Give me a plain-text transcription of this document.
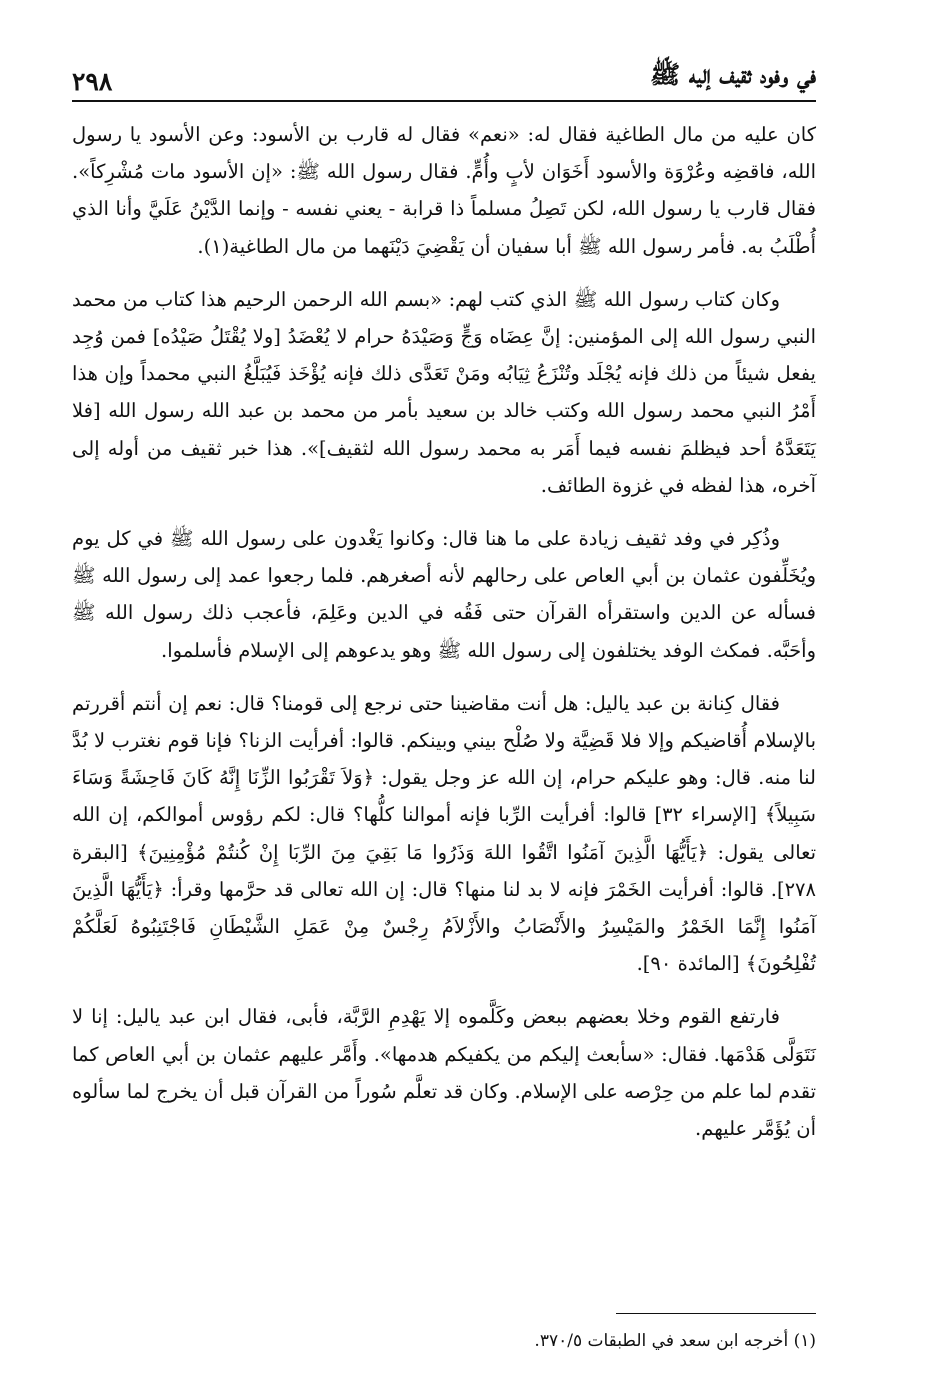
في وفود ثقيف إليه ﷺ
٢٩٨

كان عليه من مال الطاغية فقال له: «نعم» فقال له قارب بن الأسود: وعن الأسود يا رسول الله، فاقضِه وعُرْوَة والأسود أَخَوَان لأبٍ وأُمٍّ. فقال رسول الله ﷺ: «إن الأسود مات مُشْرِكاً». فقال قارب يا رسول الله، لكن تَصِلُ مسلماً ذا قرابة - يعني نفسه - وإنما الدَّيْنُ عَلَيَّ وأنا الذي أُطْلَبُ به. فأمر رسول الله ﷺ أبا سفيان أن يَقْضِيَ دَيْنَهما من مال الطاغية(١).

وكان كتاب رسول الله ﷺ الذي كتب لهم: «بسم الله الرحمن الرحيم هذا كتاب من محمد النبي رسول الله إلى المؤمنين: إنَّ عِضَاه وَجٍّ وَصَيْدَهُ حرام لا يُعْضَدُ [ولا يُقْتَلُ صَيْدُه] فمن وُجِد يفعل شيئاً من ذلك فإنه يُجْلَد وتُنْزَعُ ثِيَابُه ومَنْ تَعَدَّى ذلك فإنه يُؤْخَذ فَيُبَلَّغُ النبي محمداً وإن هذا أَمْرُ النبي محمد رسول الله وكتب خالد بن سعيد بأمر من محمد بن عبد الله رسول الله [فلا يَتَعَدَّهُ أحد فيظلمَ نفسه فيما أَمَر به محمد رسول الله لثقيف]». هذا خبر ثقيف من أوله إلى آخره، هذا لفظه في غزوة الطائف.

وذُكِر في وفد ثقيف زيادة على ما هنا قال: وكانوا يَغْدون على رسول الله ﷺ في كل يوم ويُخَلِّفون عثمان بن أبي العاص على رحالهم لأنه أصغرهم. فلما رجعوا عمد إلى رسول الله ﷺ فسأله عن الدين واستقرأه القرآن حتى فَقُه في الدين وعَلِمَ، فأعجب ذلك رسول الله ﷺ وأحَبَّه. فمكث الوفد يختلفون إلى رسول الله ﷺ وهو يدعوهم إلى الإسلام فأسلموا.

فقال كِنانة بن عبد ياليل: هل أنت مقاضينا حتى نرجع إلى قومنا؟ قال: نعم إن أنتم أقررتم بالإسلام أُقاضيكم وإلا فلا قَضِيَّة ولا صُلْح بيني وبينكم. قالوا: أفرأيت الزنا؟ فإنا قوم نغترب لا بُدَّ لنا منه. قال: وهو عليكم حرام، إن الله عز وجل يقول: ﴿وَلاَ تَقْرَبُوا الزِّنَا إِنَّهُ كَانَ فَاحِشَةً وَسَاءَ سَبِيلاً﴾ [الإسراء ٣٢] قالوا: أفرأيت الرِّبا فإنه أموالنا كلُّها؟ قال: لكم رؤوس أموالكم، إن الله تعالى يقول: ﴿يَأَيُّهَا الَّذِينَ آمَنُوا اتَّقُوا اللهَ وَذَرُوا مَا بَقِيَ مِنَ الرِّبَا إِنْ كُنتُمْ مُؤْمِنِينَ﴾ [البقرة ٢٧٨]. قالوا: أفرأيت الخَمْرَ فإنه لا بد لنا منها؟ قال: إن الله تعالى قد حرَّمها وقرأ: ﴿يَأَيُّهَا الَّذِينَ آمَنُوا إِنَّمَا الخَمْرُ والمَيْسِرُ والأَنْصَابُ والأَزْلاَمُ رِجْسٌ مِنْ عَمَلِ الشَّيْطَانِ فَاجْتَنِبُوهُ لَعَلَّكُمْ تُفْلِحُونَ﴾ [المائدة ٩٠].

فارتفع القوم وخلا بعضهم ببعض وكَلَّموه إلا يَهْدِمِ الرَّبَّة، فأبى، فقال ابن عبد ياليل: إنا لا نَتَوَلَّى هَدْمَها. فقال: «سأبعث إليكم من يكفيكم هدمها». وأَمَّر عليهم عثمان بن أبي العاص كما تقدم لما علم من حِرْصه على الإسلام. وكان قد تعلَّم سُوراً من القرآن قبل أن يخرج لما سألوه أن يُؤَمَّر عليهم.

(١) أخرجه ابن سعد في الطبقات ٣٧٠/٥.
